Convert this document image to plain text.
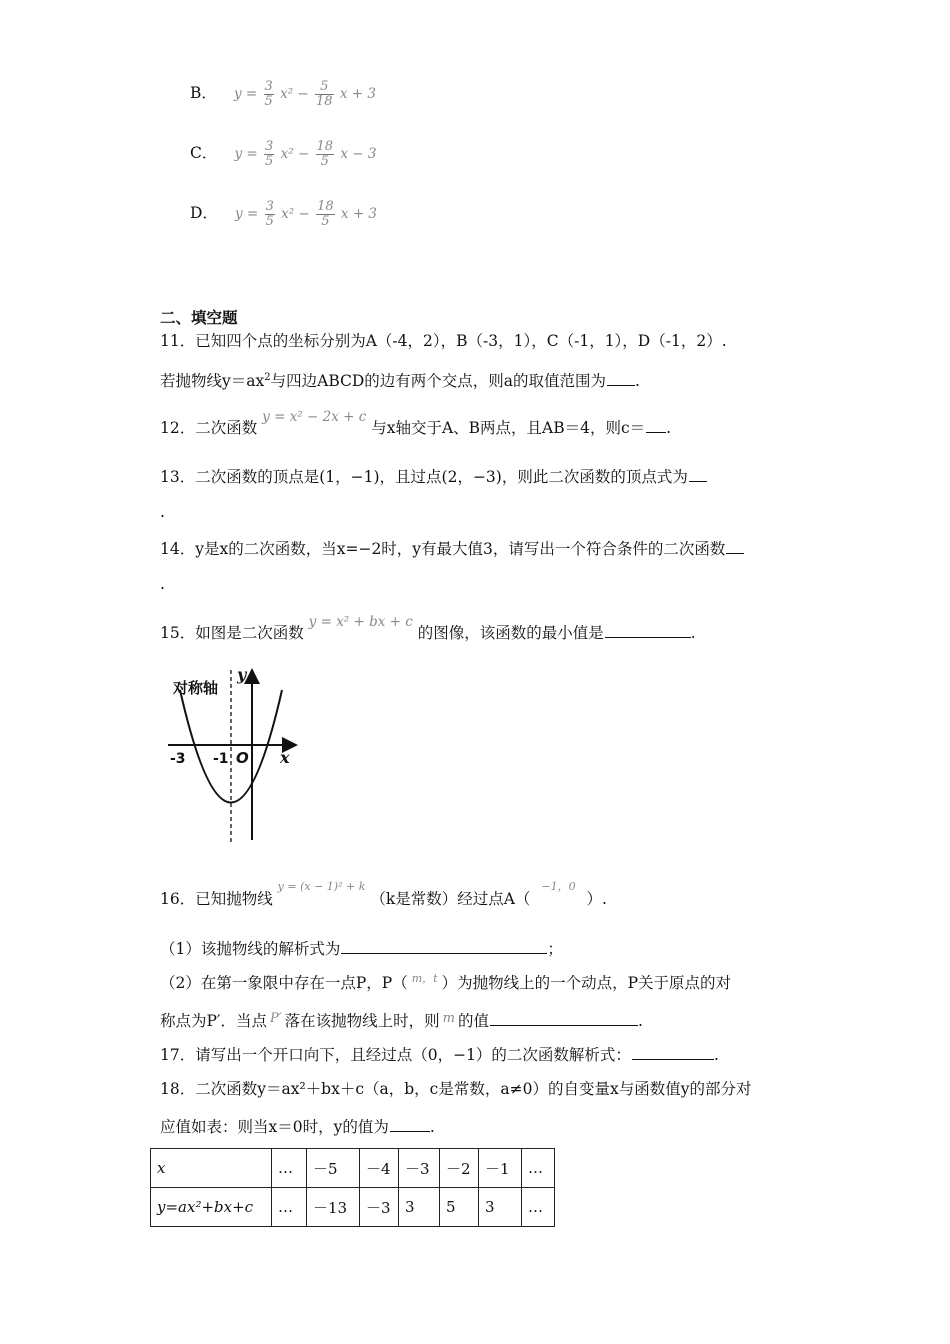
B． $y = \frac{3}{5} x^2 - \frac{5}{18}$ x + 3
C． $y = \frac{3}{5} x^2 - \frac{18}{5}$ x − 3
D． $y = \frac{3}{5} x^2 - \frac{18}{5}$ x + 3
二、填空题
11．已知四个点的坐标分别为A（-4，2），B（-3，1），C（-1，1），D（-1，2）.
若抛物线$y=ax^2$与四边ABCD的边有两个交点，则a的取值范围为 .
12．二次函数 y = x² − 2x + c 与x轴交于A、B两点，且AB＝4，则c＝ .
13．二次函数的顶点是(1，−1)，且过点(2，−3)，则此二次函数的顶点式为
.
14．y是x的二次函数，当x=−2时，y有最大值3，请写出一个符合条件的二次函数
.
15．如图是二次函数 y = x² + bx + c 的图像，该函数的最小值是	.
对称轴
y
x
O
-3 -1
16．已知抛物线 $^{y = (x - 1)^2 + k}$ （k是常数）经过点A（ $^{-1,0}$ ）.
（1）该抛物线的解析式为	；
（2）在第一象限中存在一点P，P（ $^{m,t}$ ）为抛物线上的一个动点，P关于原点的对
称点为P′．当点 $^{P'}$ 落在该抛物线上时，则 $^m$ 的值	.
17．请写出一个开口向下，且经过点（0，−1）的二次函数解析式：	.
18．二次函数y＝ax²＋bx＋c（a，b，c是常数，a≠0）的自变量x与函数值y的部分对
应值如表：则当x＝0时，y的值为	.
x	…	－5	－4	－3	－2	－1	…
y=ax²+bx+c	…	－13	－3	3	5	3	…
